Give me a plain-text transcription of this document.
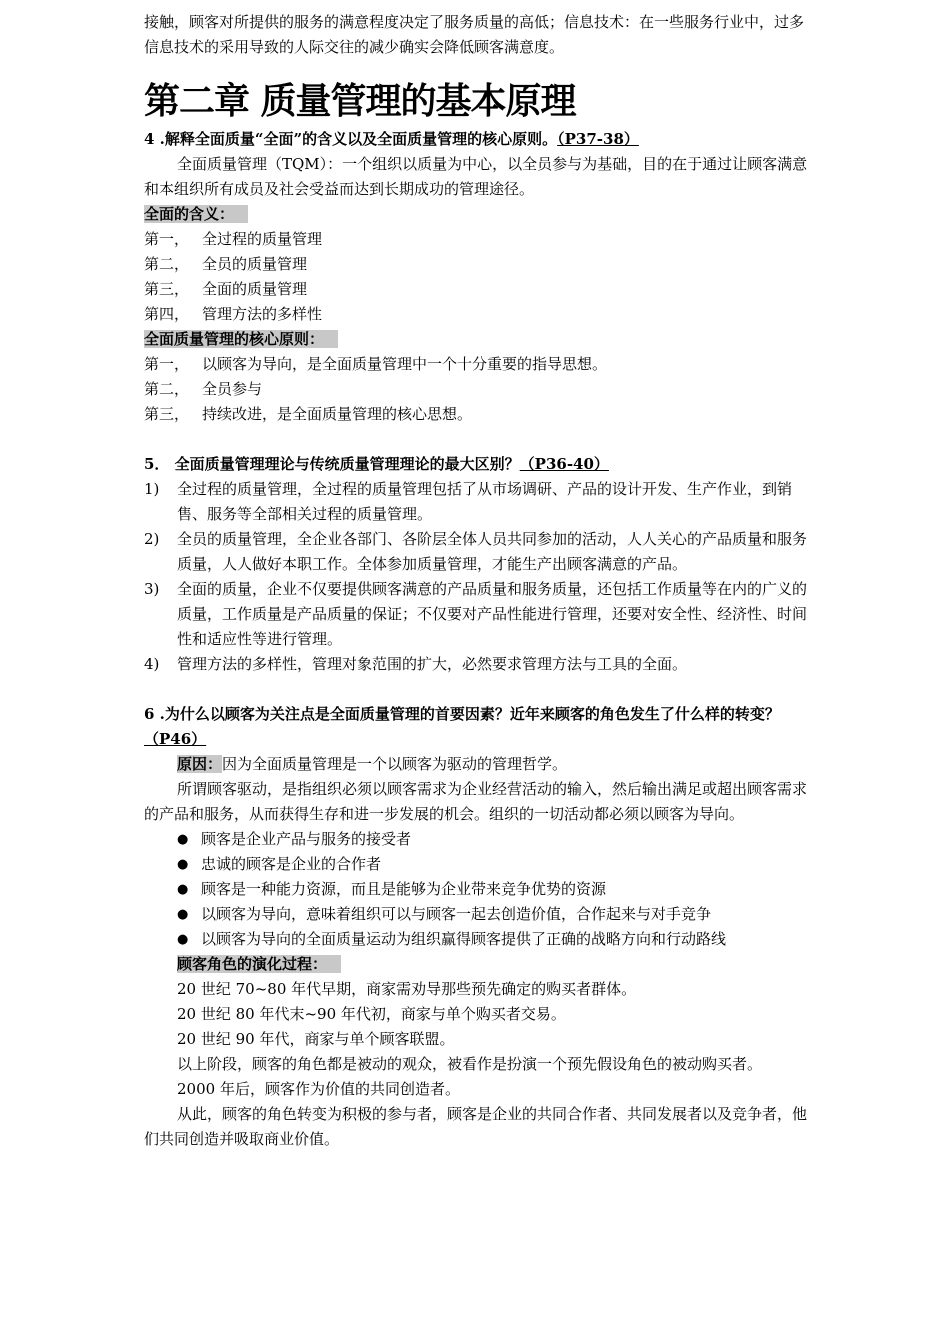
接触，顾客对所提供的服务的满意程度决定了服务质量的高低；信息技术：在一些服务行业中，过多信息技术的采用导致的人际交往的减少确实会降低顾客满意度。

第二章 质量管理的基本原理

4 .解释全面质量“全面”的含义以及全面质量管理的核心原则。（P37-38）

全面质量管理（TQM）：一个组织以质量为中心，以全员参与为基础，目的在于通过让顾客满意和本组织所有成员及社会受益而达到长期成功的管理途径。

全面的含义：

第一， 全过程的质量管理
第二， 全员的质量管理
第三， 全面的质量管理
第四， 管理方法的多样性

全面质量管理的核心原则：

第一， 以顾客为导向，是全面质量管理中一个十分重要的指导思想。
第二， 全员参与
第三， 持续改进，是全面质量管理的核心思想。

5． 全面质量管理理论与传统质量管理理论的最大区别？（P36-40）

1)	全过程的质量管理，全过程的质量管理包括了从市场调研、产品的设计开发、生产作业，到销售、服务等全部相关过程的质量管理。

2)	全员的质量管理，全企业各部门、各阶层全体人员共同参加的活动，人人关心的产品质量和服务质量，人人做好本职工作。全体参加质量管理，才能生产出顾客满意的产品。

3)	全面的质量，企业不仅要提供顾客满意的产品质量和服务质量，还包括工作质量等在内的广义的质量，工作质量是产品质量的保证；不仅要对产品性能进行管理，还要对安全性、经济性、时间性和适应性等进行管理。

4)	管理方法的多样性，管理对象范围的扩大，必然要求管理方法与工具的全面。

6 .为什么以顾客为关注点是全面质量管理的首要因素？近年来顾客的角色发生了什么样的转变？（P46）

原因：因为全面质量管理是一个以顾客为驱动的管理哲学。

所谓顾客驱动，是指组织必须以顾客需求为企业经营活动的输入，然后输出满足或超出顾客需求的产品和服务，从而获得生存和进一步发展的机会。组织的一切活动都必须以顾客为导向。

● 顾客是企业产品与服务的接受者
● 忠诚的顾客是企业的合作者
● 顾客是一种能力资源，而且是能够为企业带来竞争优势的资源
● 以顾客为导向，意味着组织可以与顾客一起去创造价值，合作起来与对手竞争
● 以顾客为导向的全面质量运动为组织赢得顾客提供了正确的战略方向和行动路线

顾客角色的演化过程：

20 世纪 70~80 年代早期，商家需劝导那些预先确定的购买者群体。

20 世纪 80 年代末~90 年代初，商家与单个购买者交易。

20 世纪 90 年代，商家与单个顾客联盟。

以上阶段，顾客的角色都是被动的观众，被看作是扮演一个预先假设角色的被动购买者。

2000 年后，顾客作为价值的共同创造者。

从此，顾客的角色转变为积极的参与者，顾客是企业的共同合作者、共同发展者以及竞争者，他们共同创造并吸取商业价值。
